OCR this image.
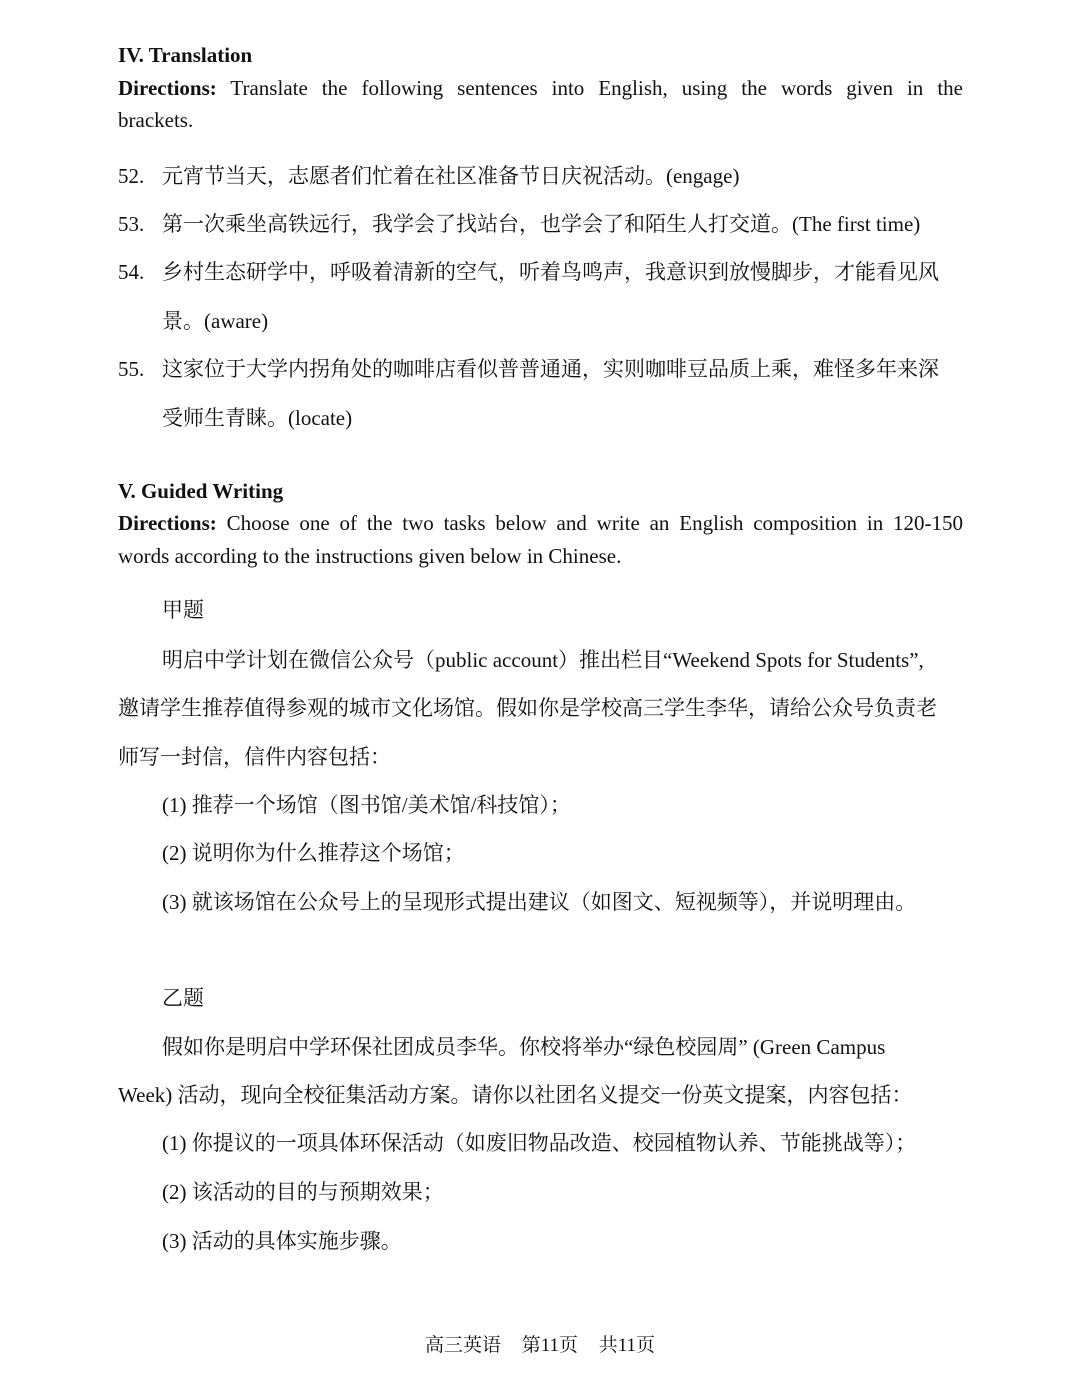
IV. Translation
Directions: Translate the following sentences into English, using the words given in the
brackets.
52. 元宵节当天，志愿者们忙着在社区准备节日庆祝活动。(engage)
53. 第一次乘坐高铁远行，我学会了找站台，也学会了和陌生人打交道。(The first time)
54. 乡村生态研学中，呼吸着清新的空气，听着鸟鸣声，我意识到放慢脚步，才能看见风
景。(aware)
55. 这家位于大学内拐角处的咖啡店看似普普通通，实则咖啡豆品质上乘，难怪多年来深
受师生青睐。(locate)
V. Guided Writing
Directions: Choose one of the two tasks below and write an English composition in 120-150
words according to the instructions given below in Chinese.
甲题
明启中学计划在微信公众号（public account）推出栏目“Weekend Spots for Students”,
邀请学生推荐值得参观的城市文化场馆。假如你是学校高三学生李华，请给公众号负责老
师写一封信，信件内容包括：
(1) 推荐一个场馆（图书馆/美术馆/科技馆）；
(2) 说明你为什么推荐这个场馆；
(3) 就该场馆在公众号上的呈现形式提出建议（如图文、短视频等），并说明理由。
乙题
假如你是明启中学环保社团成员李华。你校将举办“绿色校园周” (Green Campus
Week) 活动，现向全校征集活动方案。请你以社团名义提交一份英文提案，内容包括：
(1) 你提议的一项具体环保活动（如废旧物品改造、校园植物认养、节能挑战等）；
(2) 该活动的目的与预期效果；
(3) 活动的具体实施步骤。
高三英语 第11页 共11页
